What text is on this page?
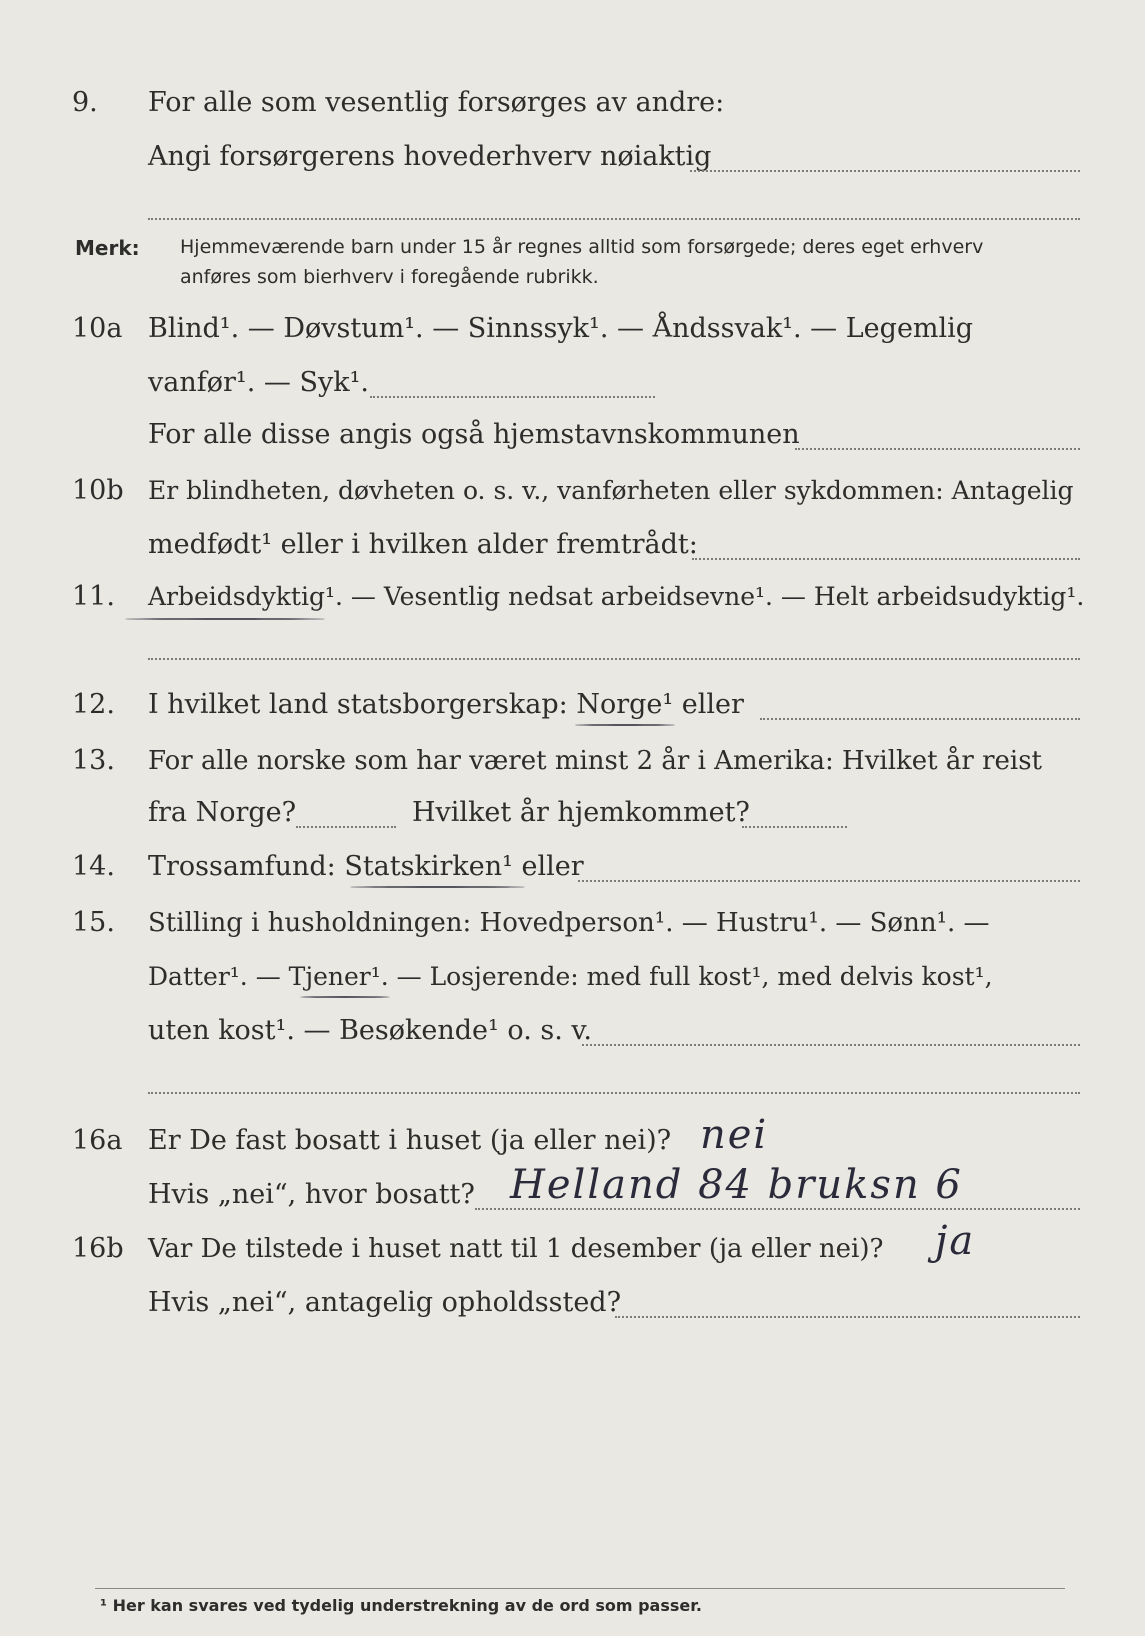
9.	For alle som vesentlig forsørges av andre:
Angi forsørgerens hovederhverv nøiaktig
Merk: Hjemmeværende barn under 15 år regnes alltid som forsørgede; deres eget erhverv
anføres som bierhverv i foregående rubrikk.
10a Blind¹. — Døvstum¹. — Sinnssyk¹. — Åndssvak¹. — Legemlig
vanfør¹. — Syk¹.
For alle disse angis også hjemstavnskommunen
10b Er blindheten, døvheten o. s. v., vanførheten eller sykdommen: Antagelig
medfødt¹ eller i hvilken alder fremtrådt:
11.	Arbeidsdyktig¹. — Vesentlig nedsat arbeidsevne¹. — Helt arbeidsudyktig¹.
12.	I hvilket land statsborgerskap: Norge¹ eller
13.	For alle norske som har været minst 2 år i Amerika: Hvilket år reist
fra Norge?	Hvilket år hjemkommet?
14.	Trossamfund: Statskirken¹ eller
15.	Stilling i husholdningen: Hovedperson¹. — Hustru¹. — Sønn¹. —
Datter¹. — Tjener¹. — Losjerende: med full kost¹, med delvis kost¹,
uten kost¹. — Besøkende¹ o. s. v.
16a Er De fast bosatt i huset (ja eller nei)? nei
Hvis „nei“, hvor bosatt? Helland 84 bruksn 6
16b Var De tilstede i huset natt til 1 desember (ja eller nei)? ja
Hvis „nei“, antagelig opholdssted?
¹ Her kan svares ved tydelig understrekning av de ord som passer.
